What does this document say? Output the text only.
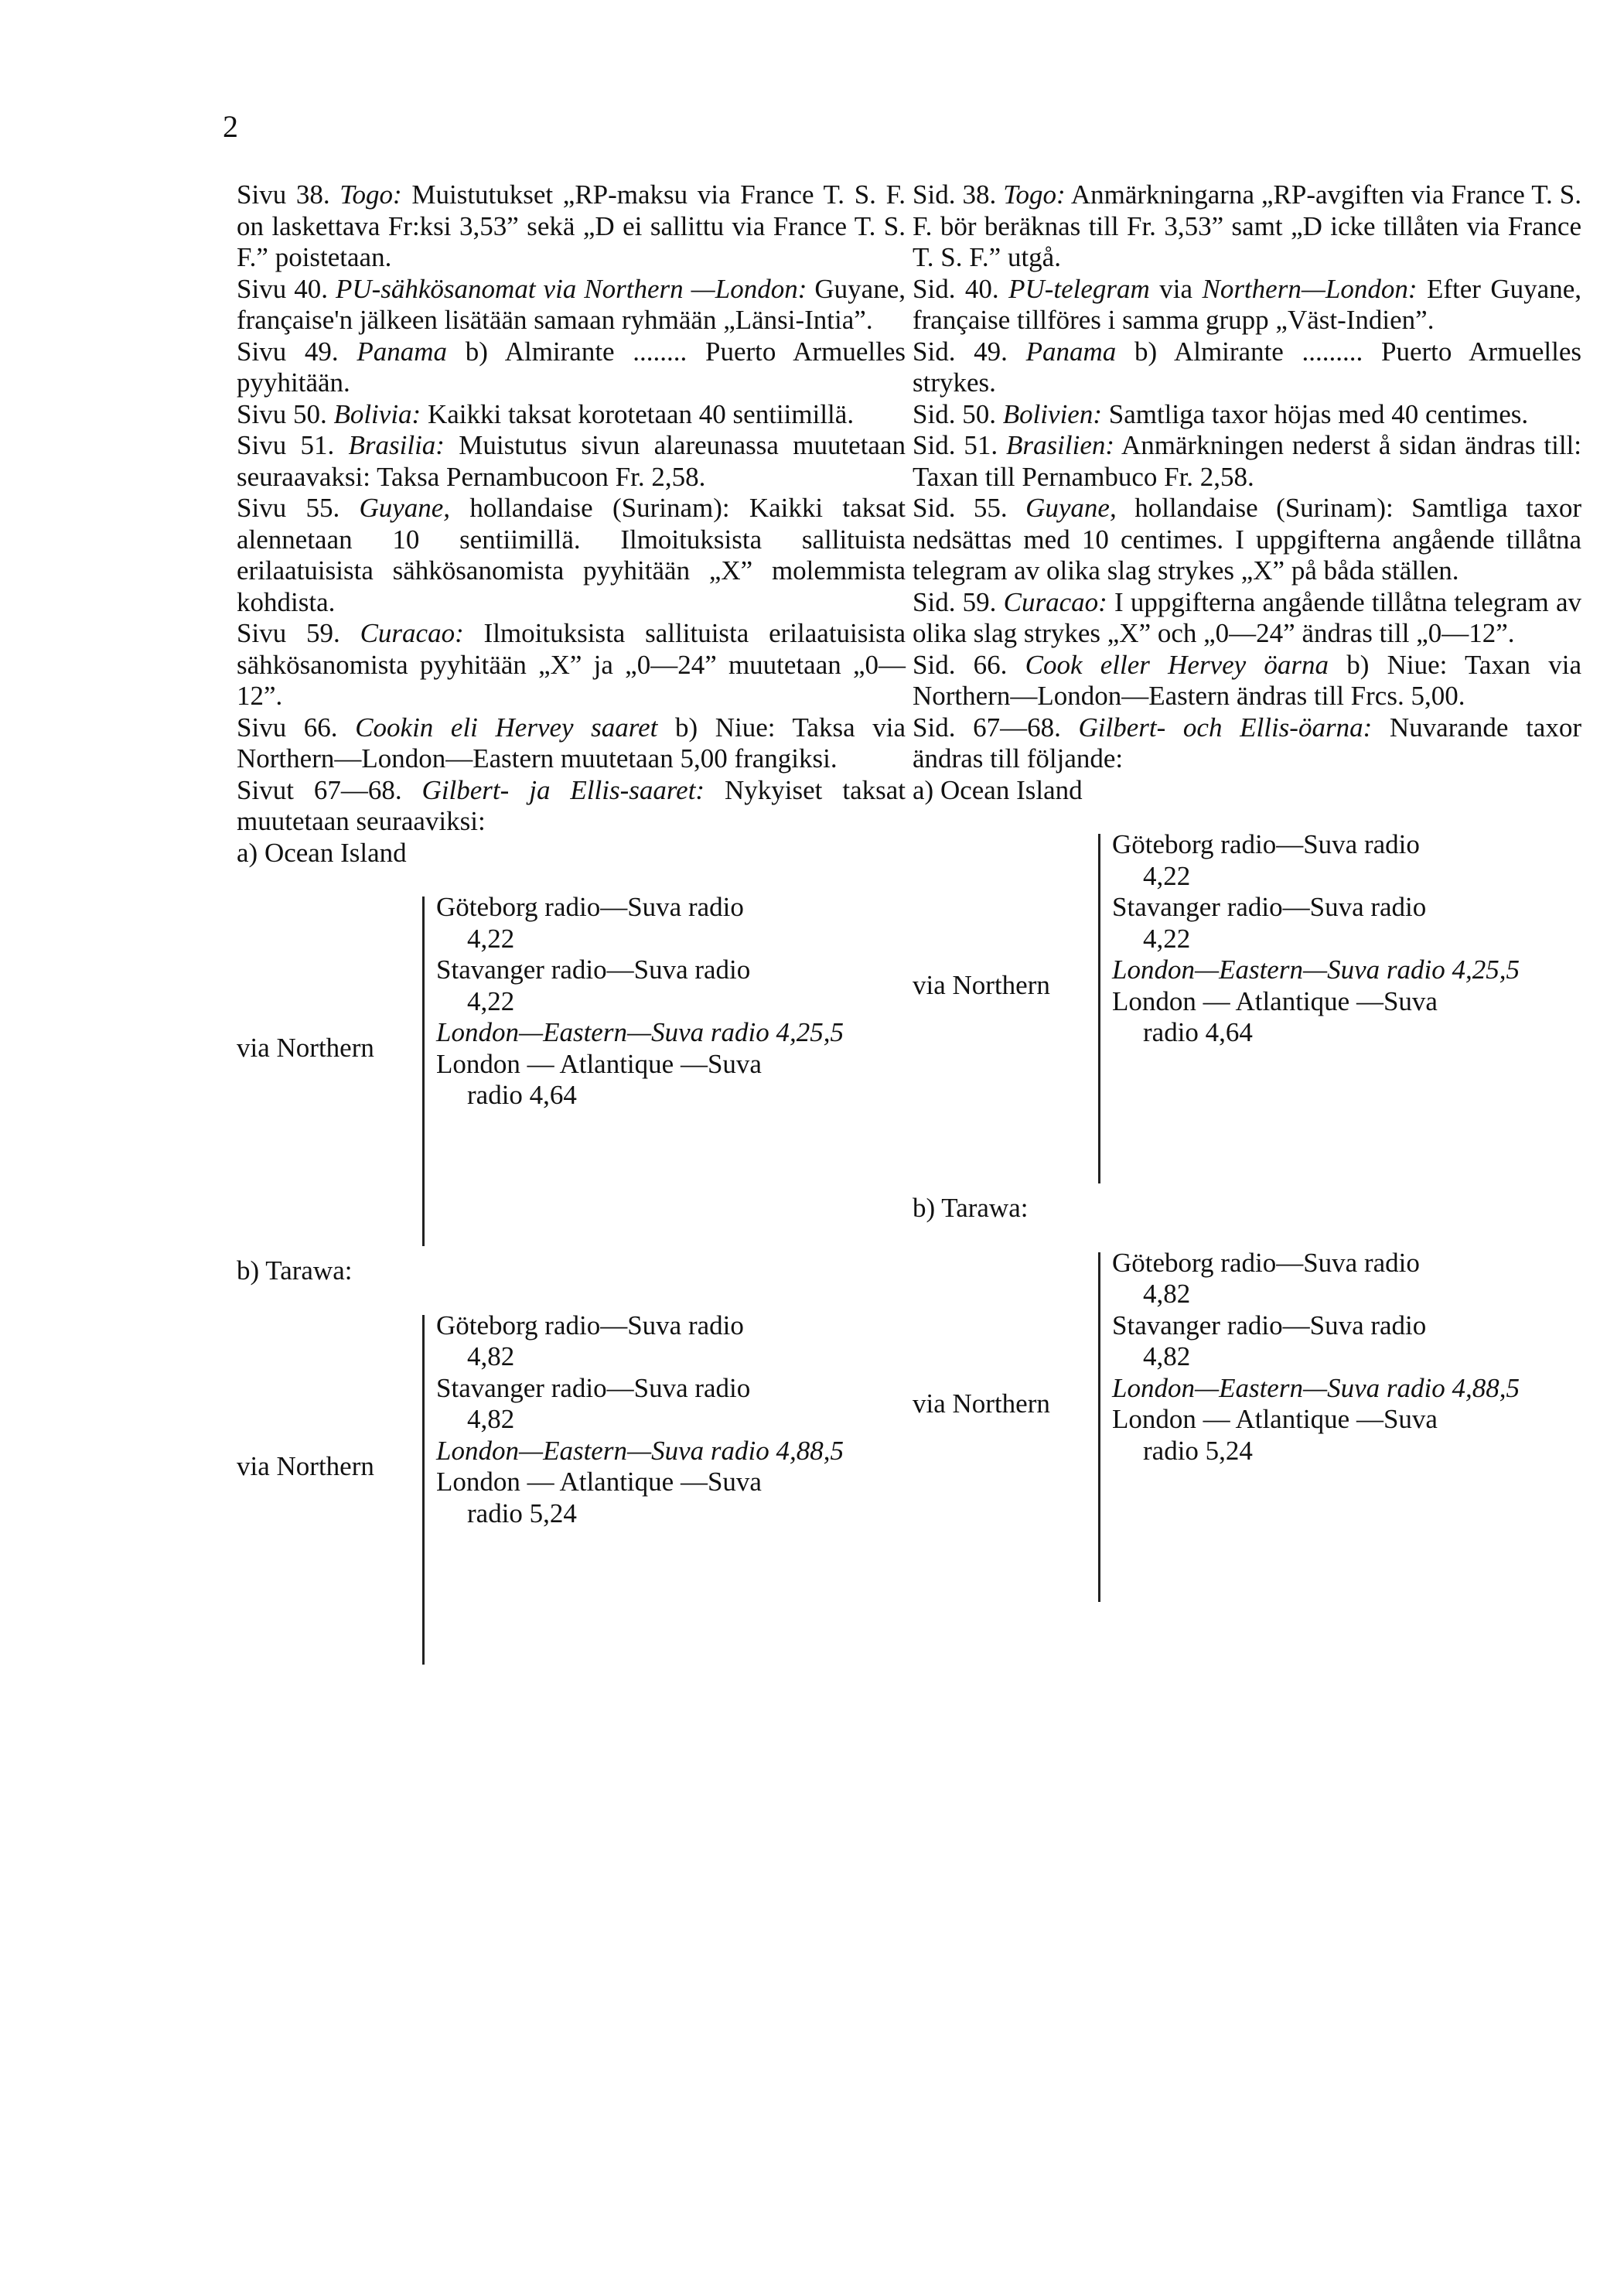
2

Sivu 38. Togo: Muistutukset „RP-maksu via France T. S. F. on laskettava Fr:ksi 3,53” sekä „D ei sallittu via France T. S. F.” poistetaan.

Sivu 40. PU-sähkösanomat via Northern —London: Guyane, française'n jälkeen lisätään samaan ryhmään „Länsi-Intia”.

Sivu 49. Panama b) Almirante ........ Puerto Armuelles pyyhitään.

Sivu 50. Bolivia: Kaikki taksat korotetaan 40 sentiimillä.

Sivu 51. Brasilia: Muistutus sivun alareunassa muutetaan seuraavaksi: Taksa Pernambucoon Fr. 2,58.

Sivu 55. Guyane, hollandaise (Surinam): Kaikki taksat alennetaan 10 sentiimillä. Ilmoituksista sallituista erilaatuisista sähkösanomista pyyhitään „X” molemmista kohdista.

Sivu 59. Curacao: Ilmoituksista sallituista erilaatuisista sähkösanomista pyyhitään „X” ja „0—24” muutetaan „0—12”.

Sivu 66. Cookin eli Hervey saaret b) Niue: Taksa via Northern—London—Eastern muutetaan 5,00 frangiksi.

Sivut 67—68. Gilbert- ja Ellis-saaret: Nykyiset taksat muutetaan seuraaviksi:

a) Ocean Island

via Northern
Göteborg radio—Suva radio
4,22
Stavanger radio—Suva radio
4,22
London—Eastern—Suva radio 4,25,5
London — Atlantique —Suva
radio 4,64

b) Tarawa:

via Northern
Göteborg radio—Suva radio
4,82
Stavanger radio—Suva radio
4,82
London—Eastern—Suva radio 4,88,5
London — Atlantique —Suva
radio 5,24

Sid. 38. Togo: Anmärkningarna „RP-avgiften via France T. S. F. bör beräknas till Fr. 3,53” samt „D icke tillåten via France T. S. F.” utgå.

Sid. 40. PU-telegram via Northern—London: Efter Guyane, française tillföres i samma grupp „Väst-Indien”.

Sid. 49. Panama b) Almirante ......... Puerto Armuelles strykes.

Sid. 50. Bolivien: Samtliga taxor höjas med 40 centimes.

Sid. 51. Brasilien: Anmärkningen nederst å sidan ändras till: Taxan till Pernambuco Fr. 2,58.

Sid. 55. Guyane, hollandaise (Surinam): Samtliga taxor nedsättas med 10 centimes. I uppgifterna angående tillåtna telegram av olika slag strykes „X” på båda ställen.

Sid. 59. Curacao: I uppgifterna angående tillåtna telegram av olika slag strykes „X” och „0—24” ändras till „0—12”.

Sid. 66. Cook eller Hervey öarna b) Niue: Taxan via Northern—London—Eastern ändras till Frcs. 5,00.

Sid. 67—68. Gilbert- och Ellis-öarna: Nuvarande taxor ändras till följande:

a) Ocean Island

via Northern
Göteborg radio—Suva radio
4,22
Stavanger radio—Suva radio
4,22
London—Eastern—Suva radio 4,25,5
London — Atlantique —Suva
radio 4,64

b) Tarawa:

via Northern
Göteborg radio—Suva radio
4,82
Stavanger radio—Suva radio
4,82
London—Eastern—Suva radio 4,88,5
London — Atlantique —Suva
radio 5,24
